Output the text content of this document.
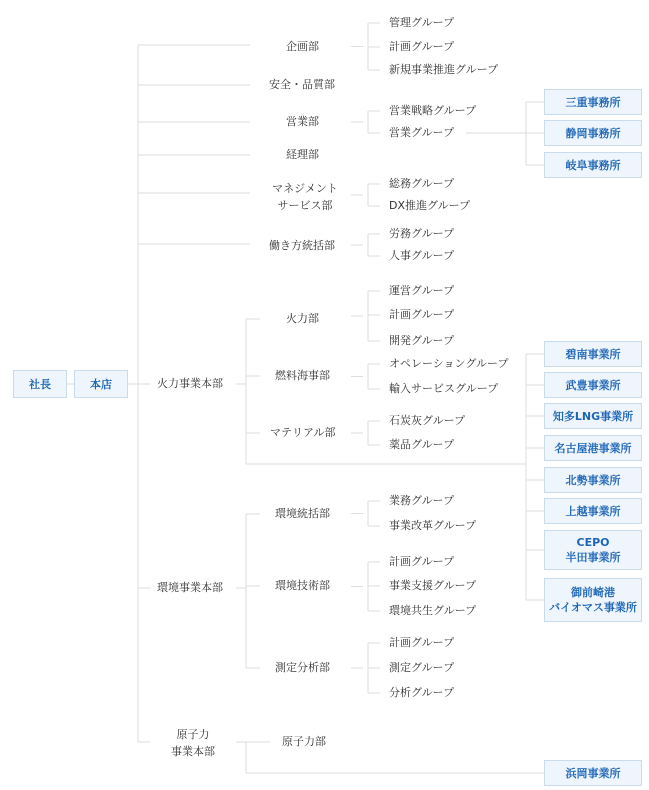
社長	本店
企画部
管理グループ
計画グループ
新規事業推進グループ
安全・品質部
営業部
営業戦略グループ
営業グループ
三重事務所
静岡事務所
岐阜事務所
経理部
マネジメント
サービス部
総務グループ
DX推進グループ
働き方統括部
労務グループ
人事グループ
火力事業本部
火力部
運営グループ
計画グループ
開発グループ
燃料海事部
オペレーショングループ
輸入サービスグループ
マテリアル部
石炭灰グループ
薬品グループ
碧南事業所
武豊事業所
知多LNG事業所
名古屋港事業所
北勢事業所
上越事業所
CEPO
半田事業所
御前崎港
バイオマス事業所
環境事業本部
環境統括部
業務グループ
事業改革グループ
環境技術部
計画グループ
事業支援グループ
環境共生グループ
測定分析部
計画グループ
測定グループ
分析グループ
原子力
事業本部
原子力部
浜岡事業所
